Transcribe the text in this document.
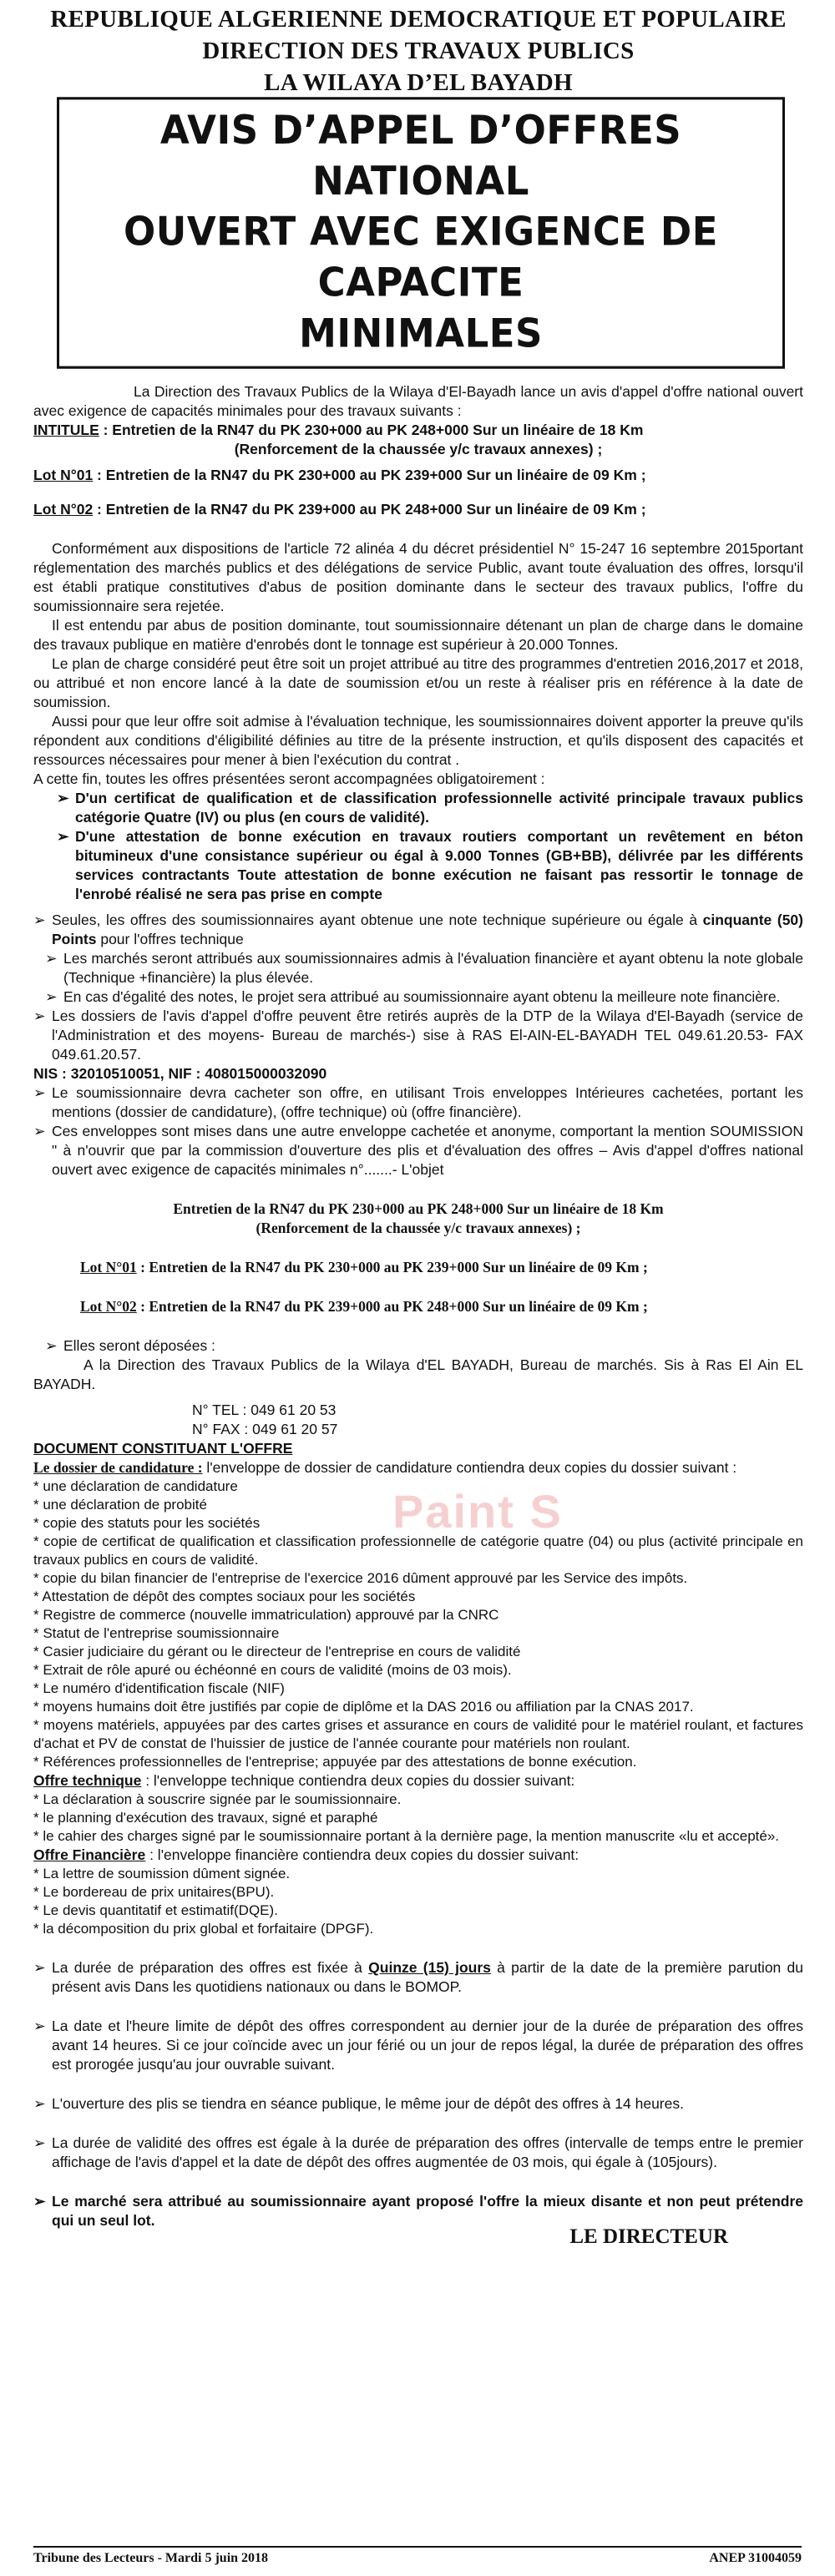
REPUBLIQUE ALGERIENNE DEMOCRATIQUE ET POPULAIRE
DIRECTION DES TRAVAUX PUBLICS
LA WILAYA D’EL BAYADH
AVIS D’APPEL D’OFFRES NATIONAL
OUVERT AVEC EXIGENCE DE CAPACITE
MINIMALES

La Direction des Travaux Publics de la Wilaya d'El-Bayadh lance un avis d'appel d'offre national ouvert avec exigence de capacités minimales pour des travaux suivants :

INTITULE : Entretien de la RN47 du PK 230+000 au PK 248+000 Sur un linéaire de 18 Km

(Renforcement de la chaussée y/c travaux annexes) ;

Lot N°01 : Entretien de la RN47 du PK 230+000 au PK 239+000 Sur un linéaire de 09 Km ;

Lot N°02 : Entretien de la RN47 du PK 239+000 au PK 248+000 Sur un linéaire de 09 Km ;

Conformément aux dispositions de l'article 72 alinéa 4 du décret présidentiel N° 15-247 16 septembre 2015portant réglementation des marchés publics et des délégations de service Public, avant toute évaluation des offres, lorsqu'il est établi pratique constitutives d'abus de position dominante dans le secteur des travaux publics, l'offre du soumissionnaire sera rejetée.

Il est entendu par abus de position dominante, tout soumissionnaire détenant un plan de charge dans le domaine des travaux publique en matière d'enrobés dont le tonnage est supérieur à 20.000 Tonnes.

Le plan de charge considéré peut être soit un projet attribué au titre des programmes d'entretien 2016,2017 et 2018, ou attribué et non encore lancé à la date de soumission et/ou un reste à réaliser pris en référence à la date de soumission.

Aussi pour que leur offre soit admise à l'évaluation technique, les soumissionnaires doivent apporter la preuve qu'ils répondent aux conditions d'éligibilité définies au titre de la présente instruction, et qu'ils disposent des capacités et ressources nécessaires pour mener à bien l'exécution du contrat .

A cette fin, toutes les offres présentées seront accompagnées obligatoirement :

➢ D'un certificat de qualification et de classification professionnelle activité principale travaux publics catégorie Quatre (IV) ou plus (en cours de validité).
➢ D'une attestation de bonne exécution en travaux routiers comportant un revêtement en béton bitumineux d'une consistance supérieur ou égal à 9.000 Tonnes (GB+BB), délivrée par les différents services contractants Toute attestation de bonne exécution ne faisant pas ressortir le tonnage de l'enrobé réalisé ne sera pas prise en compte
➢ Seules, les offres des soumissionnaires ayant obtenue une note technique supérieure ou égale à cinquante (50) Points pour l'offres technique
➢ Les marchés seront attribués aux soumissionnaires admis à l'évaluation financière et ayant obtenu la note globale (Technique +financière) la plus élevée.
➢ En cas d'égalité des notes, le projet sera attribué au soumissionnaire ayant obtenu la meilleure note financière.
➢ Les dossiers de l'avis d'appel d'offre peuvent être retirés auprès de la DTP de la Wilaya d'El-Bayadh (service de l'Administration et des moyens- Bureau de marchés-) sise à RAS El-AIN-EL-BAYADH TEL 049.61.20.53- FAX 049.61.20.57.

NIS : 32010510051, NIF : 408015000032090

➢ Le soumissionnaire devra cacheter son offre, en utilisant Trois enveloppes Intérieures cachetées, portant les mentions (dossier de candidature), (offre technique) où (offre financière).
➢ Ces enveloppes sont mises dans une autre enveloppe cachetée et anonyme, comportant la mention SOUMISSION " à n'ouvrir que par la commission d'ouverture des plis et d'évaluation des offres – Avis d'appel d'offres national ouvert avec exigence de capacités minimales n°.......- L'objet

Entretien de la RN47 du PK 230+000 au PK 248+000 Sur un linéaire de 18 Km

(Renforcement de la chaussée y/c travaux annexes) ;

Lot N°01 : Entretien de la RN47 du PK 230+000 au PK 239+000 Sur un linéaire de 09 Km ;

Lot N°02 : Entretien de la RN47 du PK 239+000 au PK 248+000 Sur un linéaire de 09 Km ;

➢ Elles seront déposées :

A la Direction des Travaux Publics de la Wilaya d'EL BAYADH, Bureau de marchés. Sis à Ras El Ain EL BAYADH.

N° TEL : 049 61 20 53

N° FAX : 049 61 20 57

DOCUMENT CONSTITUANT L'OFFRE

Le dossier de candidature : l'enveloppe de dossier de candidature contiendra deux copies du dossier suivant :

* une déclaration de candidature

* une déclaration de probité

* copie des statuts pour les sociétés

* copie de certificat de qualification et classification professionnelle de catégorie quatre (04) ou plus (activité principale en travaux publics en cours de validité.

* copie du bilan financier de l'entreprise de l'exercice 2016 dûment approuvé par les Service des impôts.

* Attestation de dépôt des comptes sociaux pour les sociétés

* Registre de commerce (nouvelle immatriculation) approuvé par la CNRC

* Statut de l'entreprise soumissionnaire

* Casier judiciaire du gérant ou le directeur de l'entreprise en cours de validité

* Extrait de rôle apuré ou échéonné en cours de validité (moins de 03 mois).

* Le numéro d'identification fiscale (NIF)

* moyens humains doit être justifiés par copie de diplôme et la DAS 2016 ou affiliation par la CNAS 2017.

* moyens matériels, appuyées par des cartes grises et assurance en cours de validité pour le matériel roulant, et factures d'achat et PV de constat de l'huissier de justice de l'année courante pour matériels non roulant.

* Références professionnelles de l'entreprise; appuyée par des attestations de bonne exécution.

Offre technique : l'enveloppe technique contiendra deux copies du dossier suivant:

* La déclaration à souscrire signée par le soumissionnaire.

* le planning d'exécution des travaux, signé et paraphé

* le cahier des charges signé par le soumissionnaire portant à la dernière page, la mention manuscrite «lu et accepté».

Offre Financière : l'enveloppe financière contiendra deux copies du dossier suivant:

* La lettre de soumission dûment signée.

* Le bordereau de prix unitaires(BPU).

* Le devis quantitatif et estimatif(DQE).

* la décomposition du prix global et forfaitaire (DPGF).

➢ La durée de préparation des offres est fixée à Quinze (15) jours à partir de la date de la première parution du présent avis Dans les quotidiens nationaux ou dans le BOMOP.
➢ La date et l'heure limite de dépôt des offres correspondent au dernier jour de la durée de préparation des offres avant 14 heures. Si ce jour coïncide avec un jour férié ou un jour de repos légal, la durée de préparation des offres est prorogée jusqu'au jour ouvrable suivant.
➢ L'ouverture des plis se tiendra en séance publique, le même jour de dépôt des offres à 14 heures.
➢ La durée de validité des offres est égale à la durée de préparation des offres (intervalle de temps entre le premier affichage de l'avis d'appel et la date de dépôt des offres augmentée de 03 mois, qui égale à (105jours).
➢ Le marché sera attribué au soumissionnaire ayant proposé l'offre la mieux disante et non peut prétendre qui un seul lot.
LE DIRECTEUR
Paint S
Tribune des Lecteurs - Mardi 5 juin 2018	ANEP 31004059
